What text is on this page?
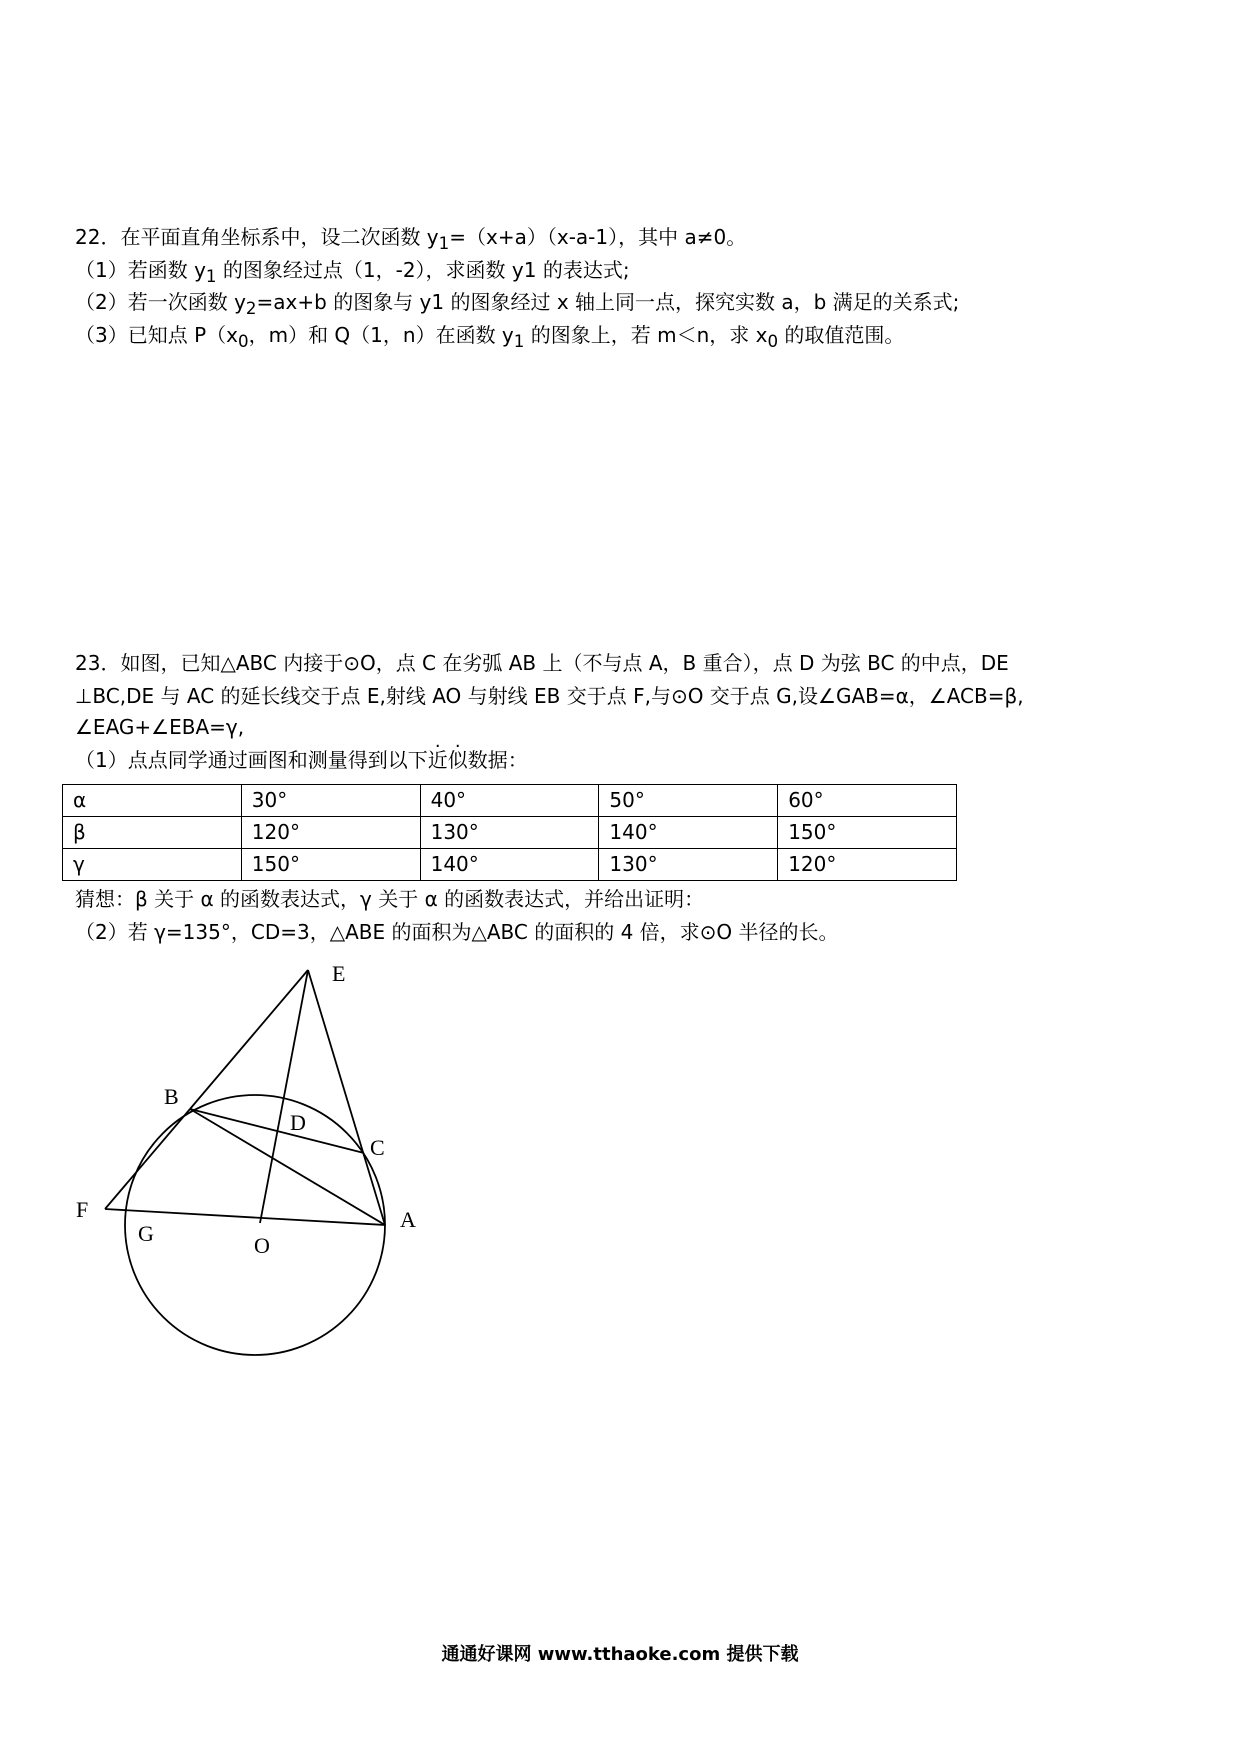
22．在平面直角坐标系中，设二次函数 $y_1=(x+a)(x-a-1)$，其中 a≠0。
（1）若函数 $y_1$ 的图象经过点（1，-2），求函数 y1 的表达式;
（2）若一次函数 $y_2=ax+b$ 的图象与 y1 的图象经过 x 轴上同一点，探究实数 a，b 满足的关系式;
（3）已知点 $P(x_0$，m）和 Q（1，n）在函数 $y_1$ 的图象上，若 m＜n，求 $x_0$ 的取值范围。
23．如图，已知△ABC 内接于⊙O，点 C 在劣弧 AB 上（不与点 A，B 重合），点 D 为弦 BC 的中点，DE
⊥BC,DE 与 AC 的延长线交于点 E,射线 AO 与射线 EB 交于点 F,与⊙O 交于点 G,设∠GAB=α，∠ACB=β,
∠EAG+∠EBA=γ,
（1）点点同学通过画图和测量得到以下近似数据：
α	30°	40°	50°	60°
β	120°	130°	140°	150°
γ	150°	140°	130°	120°
猜想：β 关于 α 的函数表达式，γ 关于 α 的函数表达式，并给出证明：
（2）若 γ=135°，CD=3，△ABE 的面积为△ABC 的面积的 4 倍，求⊙O 半径的长。
E
B
D
C
F
G	O
A
通通好课网 www.tthaoke.com 提供下载
